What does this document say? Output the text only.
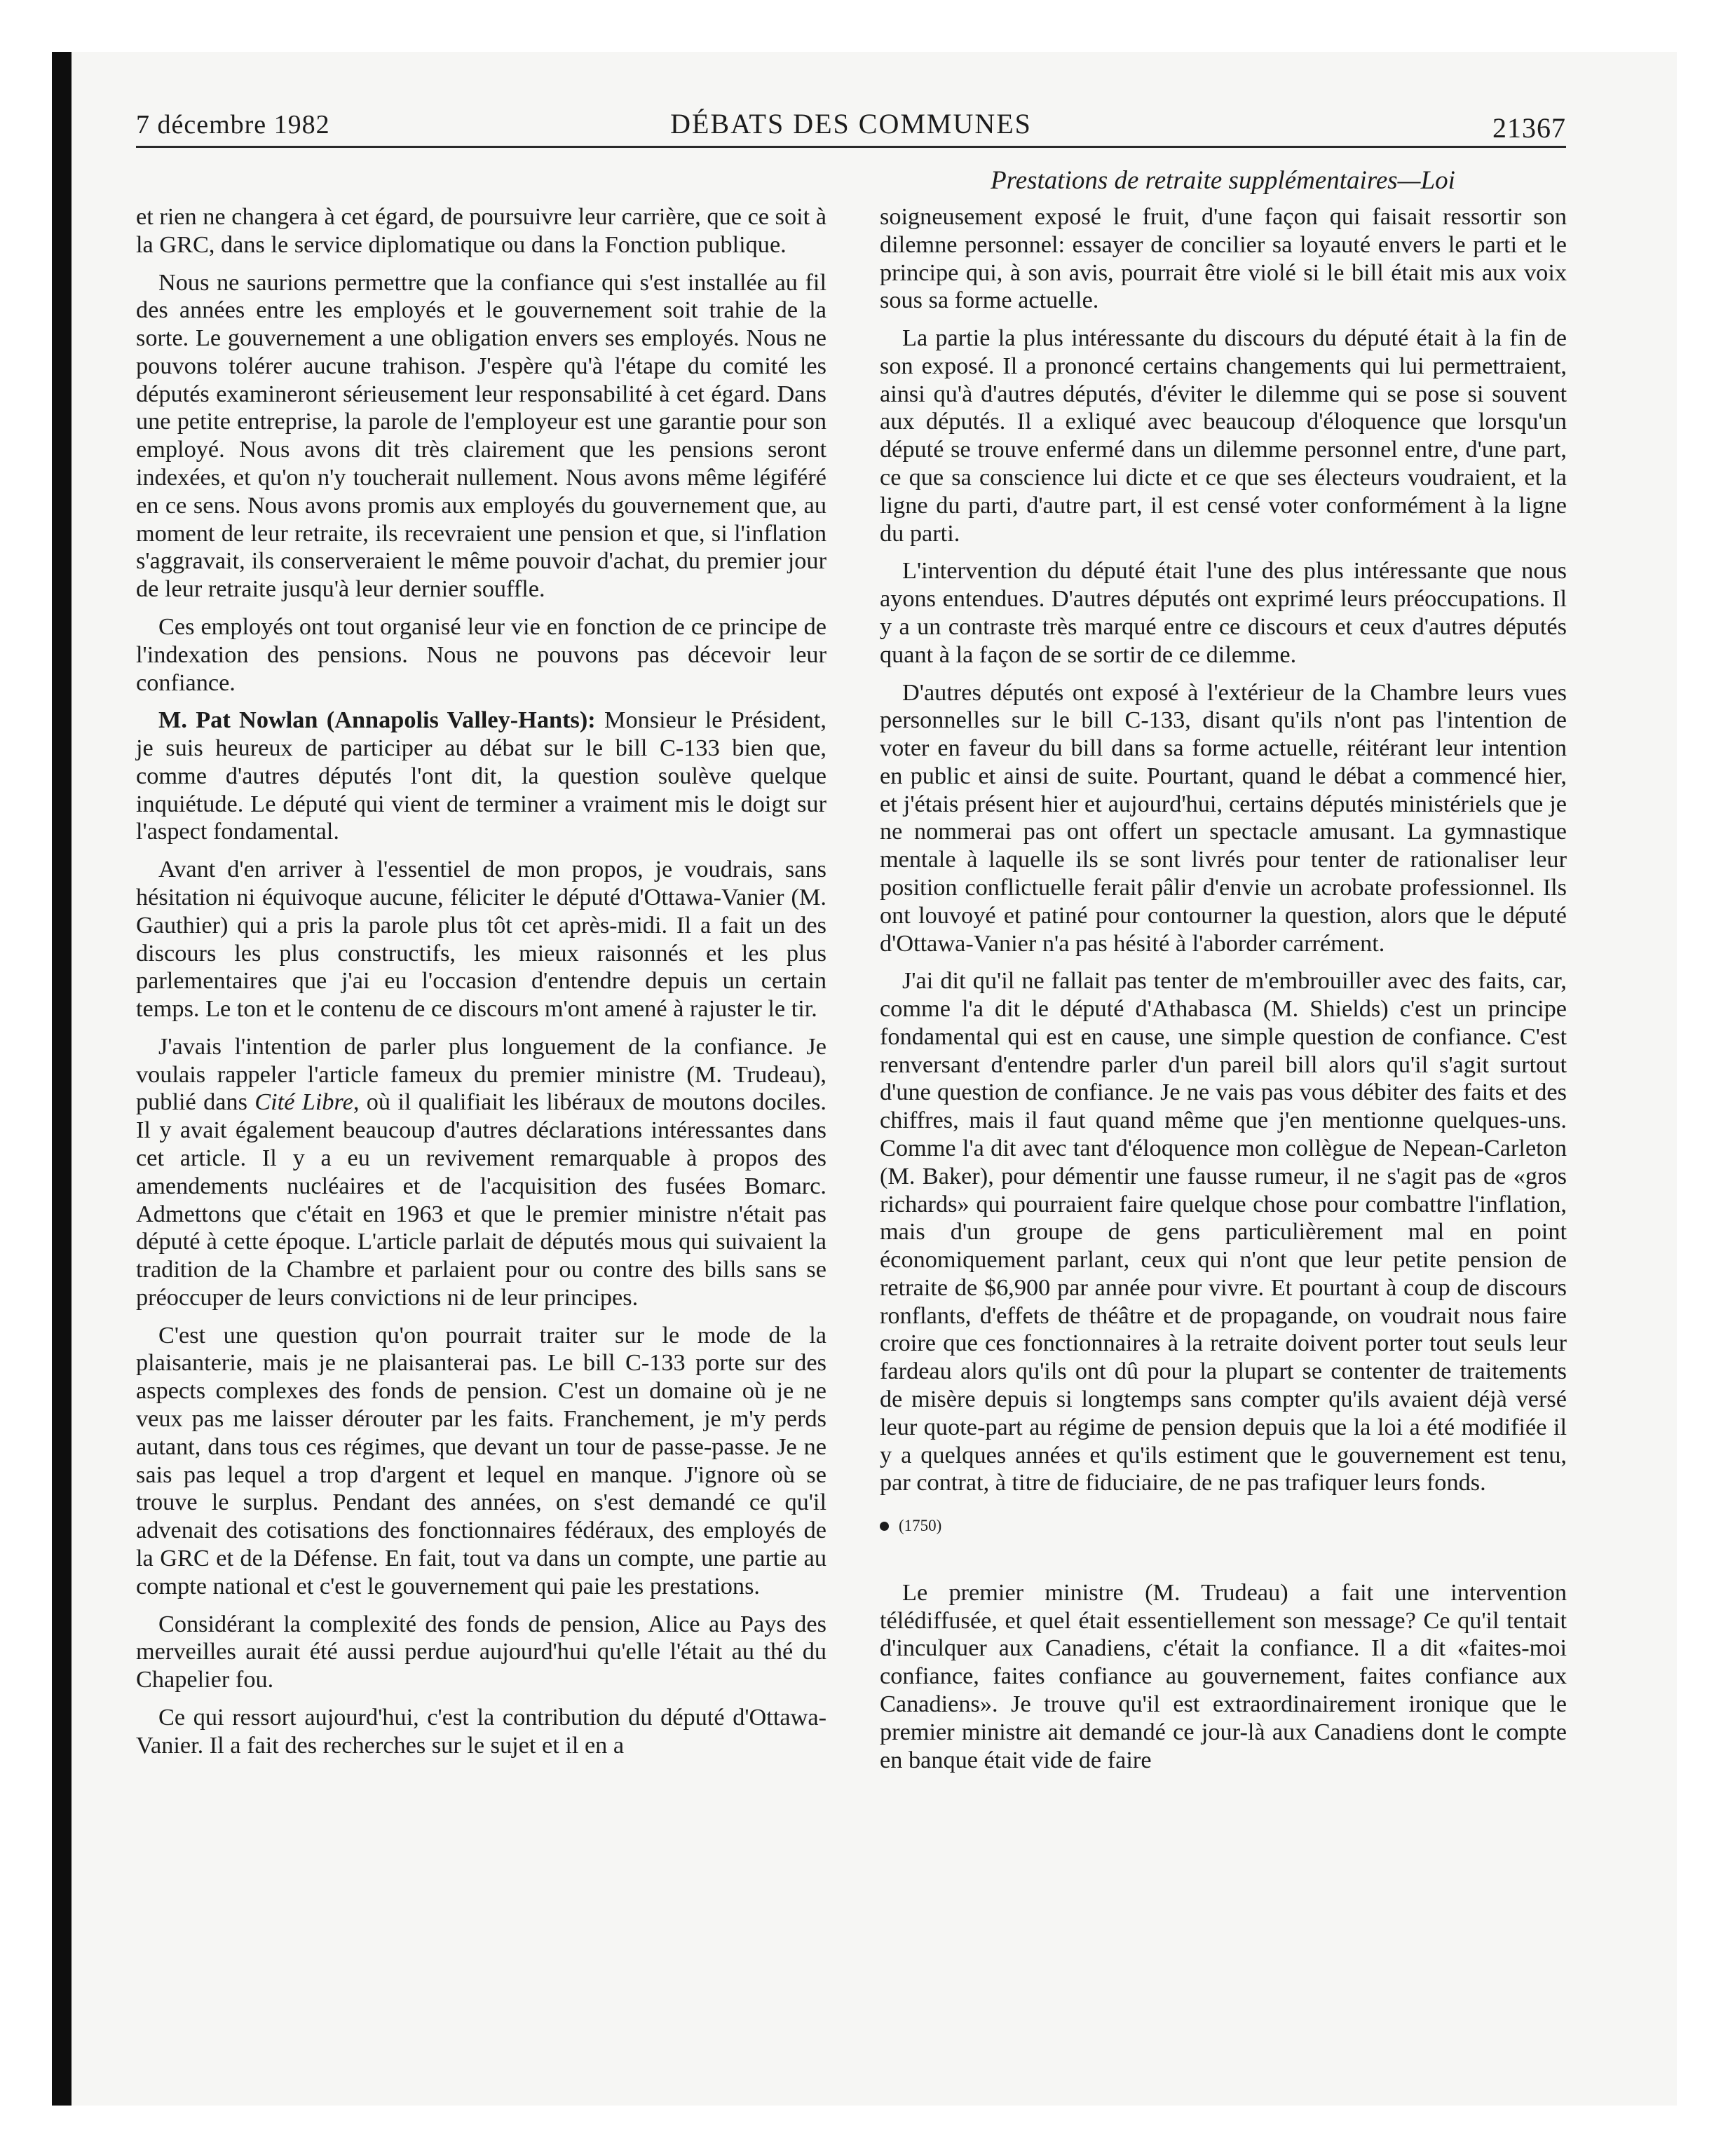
7 décembre 1982	DÉBATS DES COMMUNES	21367
Prestations de retraite supplémentaires—Loi

et rien ne changera à cet égard, de poursuivre leur carrière, que ce soit à la GRC, dans le service diplomatique ou dans la Fonction publique.

Nous ne saurions permettre que la confiance qui s'est installée au fil des années entre les employés et le gouvernement soit trahie de la sorte. Le gouvernement a une obligation envers ses employés. Nous ne pouvons tolérer aucune trahison. J'espère qu'à l'étape du comité les députés examineront sérieusement leur responsabilité à cet égard. Dans une petite entreprise, la parole de l'employeur est une garantie pour son employé. Nous avons dit très clairement que les pensions seront indexées, et qu'on n'y toucherait nullement. Nous avons même légiféré en ce sens. Nous avons promis aux employés du gouvernement que, au moment de leur retraite, ils recevraient une pension et que, si l'inflation s'aggravait, ils conserveraient le même pouvoir d'achat, du premier jour de leur retraite jusqu'à leur dernier souffle.

Ces employés ont tout organisé leur vie en fonction de ce principe de l'indexation des pensions. Nous ne pouvons pas décevoir leur confiance.

M. Pat Nowlan (Annapolis Valley-Hants): Monsieur le Président, je suis heureux de participer au débat sur le bill C-133 bien que, comme d'autres députés l'ont dit, la question soulève quelque inquiétude. Le député qui vient de terminer a vraiment mis le doigt sur l'aspect fondamental.

Avant d'en arriver à l'essentiel de mon propos, je voudrais, sans hésitation ni équivoque aucune, féliciter le député d'Ottawa-Vanier (M. Gauthier) qui a pris la parole plus tôt cet après-midi. Il a fait un des discours les plus constructifs, les mieux raisonnés et les plus parlementaires que j'ai eu l'occasion d'entendre depuis un certain temps. Le ton et le contenu de ce discours m'ont amené à rajuster le tir.

J'avais l'intention de parler plus longuement de la confiance. Je voulais rappeler l'article fameux du premier ministre (M. Trudeau), publié dans Cité Libre, où il qualifiait les libéraux de moutons dociles. Il y avait également beaucoup d'autres déclarations intéressantes dans cet article. Il y a eu un revivement remarquable à propos des amendements nucléaires et de l'acquisition des fusées Bomarc. Admettons que c'était en 1963 et que le premier ministre n'était pas député à cette époque. L'article parlait de députés mous qui suivaient la tradition de la Chambre et parlaient pour ou contre des bills sans se préoccuper de leurs convictions ni de leur principes.

C'est une question qu'on pourrait traiter sur le mode de la plaisanterie, mais je ne plaisanterai pas. Le bill C-133 porte sur des aspects complexes des fonds de pension. C'est un domaine où je ne veux pas me laisser dérouter par les faits. Franchement, je m'y perds autant, dans tous ces régimes, que devant un tour de passe-passe. Je ne sais pas lequel a trop d'argent et lequel en manque. J'ignore où se trouve le surplus. Pendant des années, on s'est demandé ce qu'il advenait des cotisations des fonctionnaires fédéraux, des employés de la GRC et de la Défense. En fait, tout va dans un compte, une partie au compte national et c'est le gouvernement qui paie les prestations.

Considérant la complexité des fonds de pension, Alice au Pays des merveilles aurait été aussi perdue aujourd'hui qu'elle l'était au thé du Chapelier fou.

Ce qui ressort aujourd'hui, c'est la contribution du député d'Ottawa-Vanier. Il a fait des recherches sur le sujet et il en a

soigneusement exposé le fruit, d'une façon qui faisait ressortir son dilemne personnel: essayer de concilier sa loyauté envers le parti et le principe qui, à son avis, pourrait être violé si le bill était mis aux voix sous sa forme actuelle.

La partie la plus intéressante du discours du député était à la fin de son exposé. Il a prononcé certains changements qui lui permettraient, ainsi qu'à d'autres députés, d'éviter le dilemme qui se pose si souvent aux députés. Il a exliqué avec beaucoup d'éloquence que lorsqu'un député se trouve enfermé dans un dilemme personnel entre, d'une part, ce que sa conscience lui dicte et ce que ses électeurs voudraient, et la ligne du parti, d'autre part, il est censé voter conformément à la ligne du parti.

L'intervention du député était l'une des plus intéressante que nous ayons entendues. D'autres députés ont exprimé leurs préoccupations. Il y a un contraste très marqué entre ce discours et ceux d'autres députés quant à la façon de se sortir de ce dilemme.

D'autres députés ont exposé à l'extérieur de la Chambre leurs vues personnelles sur le bill C-133, disant qu'ils n'ont pas l'intention de voter en faveur du bill dans sa forme actuelle, réitérant leur intention en public et ainsi de suite. Pourtant, quand le débat a commencé hier, et j'étais présent hier et aujourd'hui, certains députés ministériels que je ne nommerai pas ont offert un spectacle amusant. La gymnastique mentale à laquelle ils se sont livrés pour tenter de rationaliser leur position conflictuelle ferait pâlir d'envie un acrobate professionnel. Ils ont louvoyé et patiné pour contourner la question, alors que le député d'Ottawa-Vanier n'a pas hésité à l'aborder carrément.

J'ai dit qu'il ne fallait pas tenter de m'embrouiller avec des faits, car, comme l'a dit le député d'Athabasca (M. Shields) c'est un principe fondamental qui est en cause, une simple question de confiance. C'est renversant d'entendre parler d'un pareil bill alors qu'il s'agit surtout d'une question de confiance. Je ne vais pas vous débiter des faits et des chiffres, mais il faut quand même que j'en mentionne quelques-uns. Comme l'a dit avec tant d'éloquence mon collègue de Nepean-Carleton (M. Baker), pour démentir une fausse rumeur, il ne s'agit pas de «gros richards» qui pourraient faire quelque chose pour combattre l'inflation, mais d'un groupe de gens particulièrement mal en point économiquement parlant, ceux qui n'ont que leur petite pension de retraite de $6,900 par année pour vivre. Et pourtant à coup de discours ronflants, d'effets de théâtre et de propagande, on voudrait nous faire croire que ces fonctionnaires à la retraite doivent porter tout seuls leur fardeau alors qu'ils ont dû pour la plupart se contenter de traitements de misère depuis si longtemps sans compter qu'ils avaient déjà versé leur quote-part au régime de pension depuis que la loi a été modifiée il y a quelques années et qu'ils estiment que le gouvernement est tenu, par contrat, à titre de fiduciaire, de ne pas trafiquer leurs fonds.

(1750)

Le premier ministre (M. Trudeau) a fait une intervention télédiffusée, et quel était essentiellement son message? Ce qu'il tentait d'inculquer aux Canadiens, c'était la confiance. Il a dit «faites-moi confiance, faites confiance au gouvernement, faites confiance aux Canadiens». Je trouve qu'il est extraordinairement ironique que le premier ministre ait demandé ce jour-là aux Canadiens dont le compte en banque était vide de faire
